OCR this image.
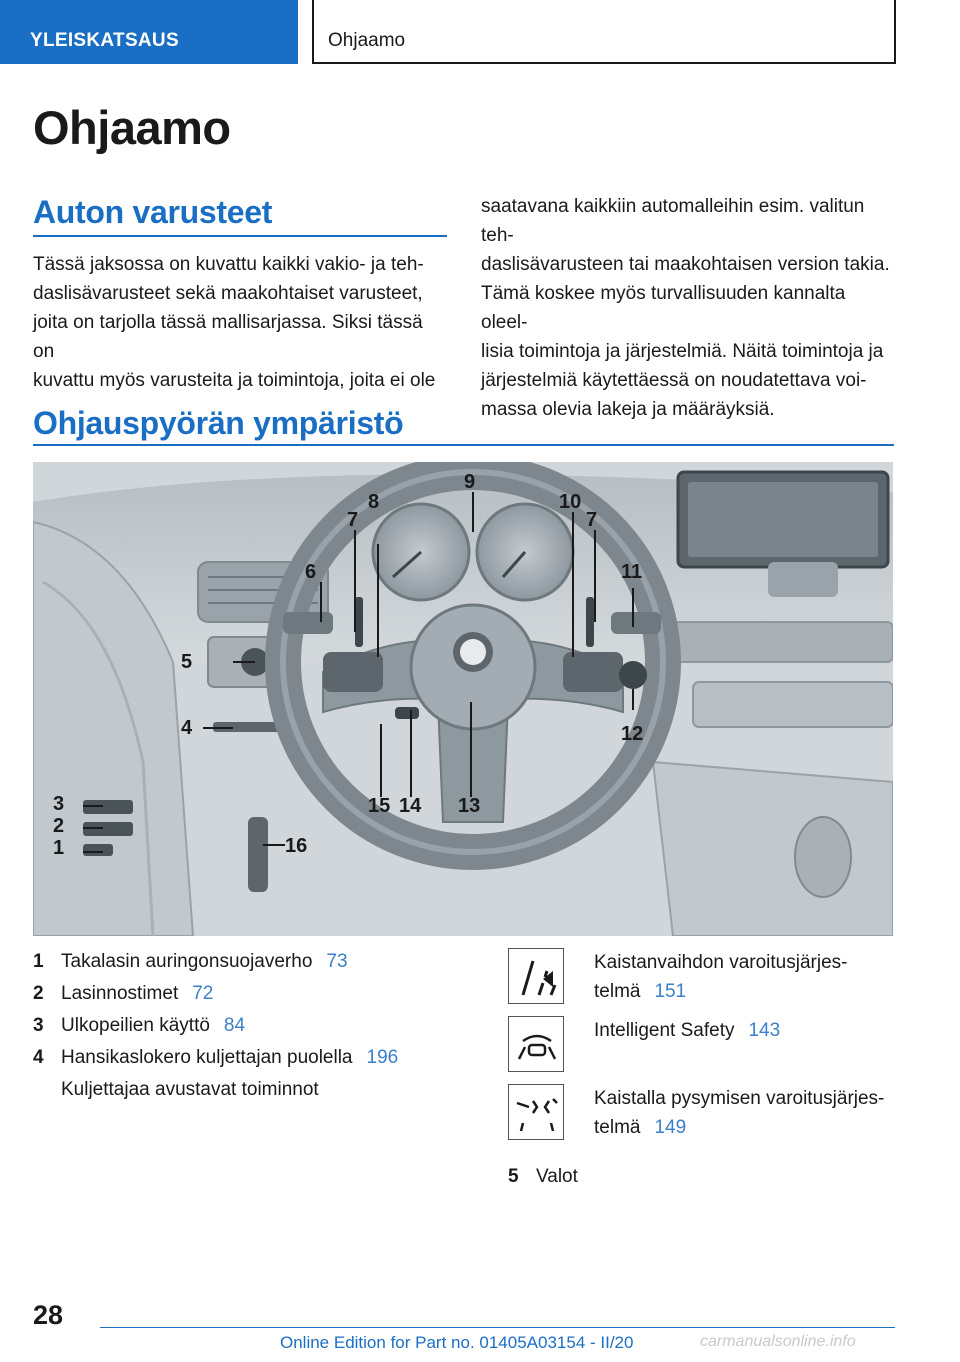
YLEISKATSAUS	Ohjaamo
Ohjaamo
Auton varusteet
Tässä jaksossa on kuvattu kaikki vakio- ja teh‐
daslisävarusteet sekä maakohtaiset varusteet,
joita on tarjolla tässä mallisarjassa. Siksi tässä on
kuvattu myös varusteita ja toimintoja, joita ei ole
saatavana kaikkiin automalleihin esim. valitun teh‐
daslisävarusteen tai maakohtaisen version takia.
Tämä koskee myös turvallisuuden kannalta oleel‐
lisia toimintoja ja järjestelmiä. Näitä toimintoja ja
järjestelmiä käytettäessä on noudatettava voi‐
massa olevia lakeja ja määräyksiä.
Ohjauspyörän ympäristö
1
2
3
4
5
6
7
8
9
10
7
11
12
13
14
15
16
1 Takalasin auringonsuojaverho 73
2 Lasinnostimet 72
3 Ulkopeilien käyttö 84
4 Hansikaslokero kuljettajan puolella 196
Kuljettajaa avustavat toiminnot
Kaistanvaihdon varoitusjärjes‐
telmä 151
Intelligent Safety 143
Kaistalla pysymisen varoitusjärjes‐
telmä 149
5 Valot
28
Online Edition for Part no. 01405A03154 - II/20	carmanualsonline.info
